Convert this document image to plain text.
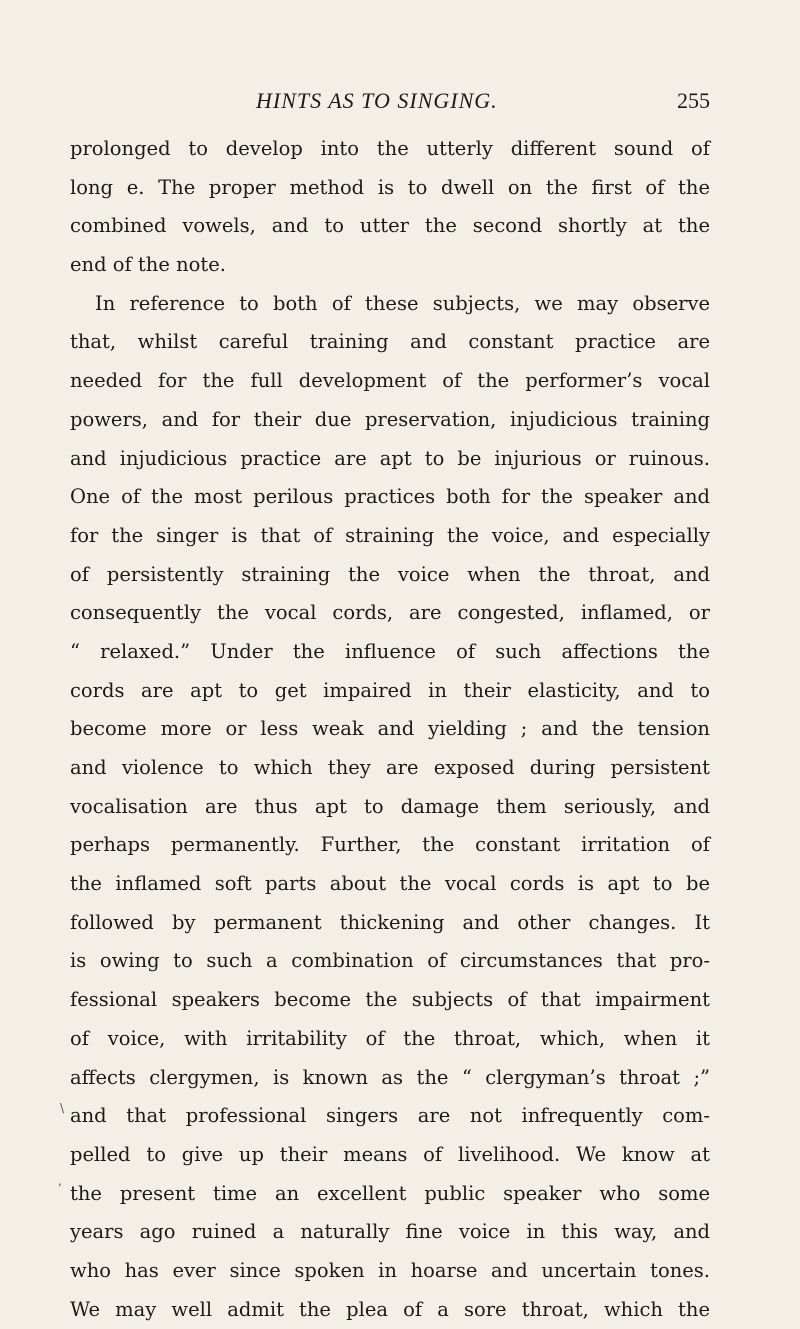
HINTS AS TO SINGING.	255
prolonged to develop into the utterly different sound of
long e. The proper method is to dwell on the first of the
combined vowels, and to utter the second shortly at the
end of the note.
In reference to both of these subjects, we may observe
that, whilst careful training and constant practice are
needed for the full development of the performer’s vocal
powers, and for their due preservation, injudicious training
and injudicious practice are apt to be injurious or ruinous.
One of the most perilous practices both for the speaker and
for the singer is that of straining the voice, and especially
of persistently straining the voice when the throat, and
consequently the vocal cords, are congested, inflamed, or
“ relaxed.” Under the influence of such affections the
cords are apt to get impaired in their elasticity, and to
become more or less weak and yielding ; and the tension
and violence to which they are exposed during persistent
vocalisation are thus apt to damage them seriously, and
perhaps permanently. Further, the constant irritation of
the inflamed soft parts about the vocal cords is apt to be
followed by permanent thickening and other changes. It
is owing to such a combination of circumstances that pro-
fessional speakers become the subjects of that impairment
of voice, with irritability of the throat, which, when it
affects clergymen, is known as the “ clergyman’s throat ;”
and that professional singers are not infrequently com-
pelled to give up their means of livelihood. We know at
the present time an excellent public speaker who some
years ago ruined a naturally fine voice in this way, and
who has ever since spoken in hoarse and uncertain tones.
We may well admit the plea of a sore throat, which the
\
,
